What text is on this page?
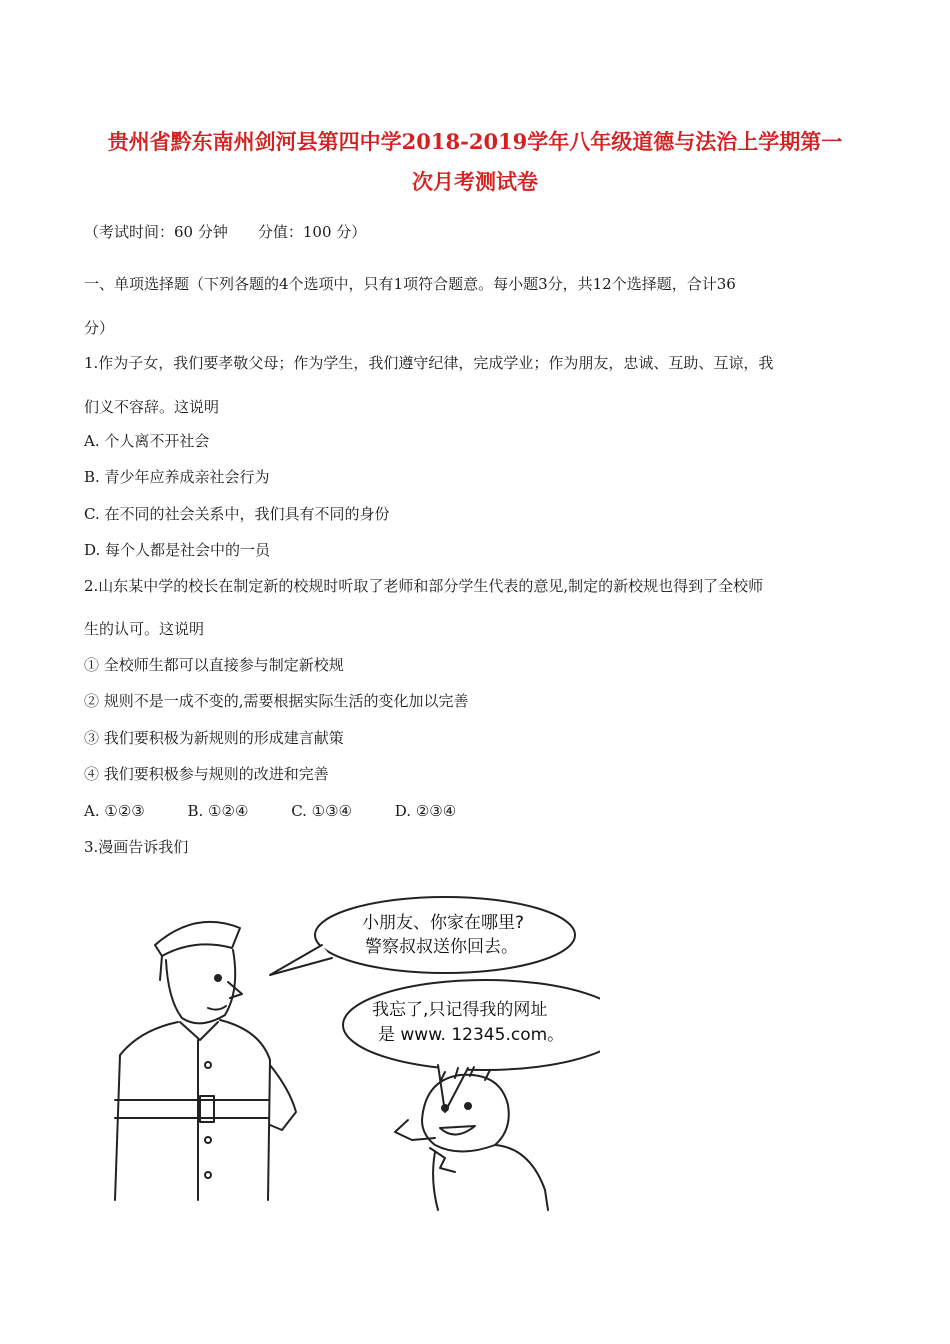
贵州省黔东南州剑河县第四中学2018-2019学年八年级道德与法治上学期第一
次月考测试卷
（考试时间：60 分钟　　分值：100 分）
一、单项选择题（下列各题的4个选项中，只有1项符合题意。每小题3分，共12个选择题，合计36
分）
1.作为子女，我们要孝敬父母；作为学生，我们遵守纪律，完成学业；作为朋友，忠诚、互助、互谅，我
们义不容辞。这说明
A. 个人离不开社会
B. 青少年应养成亲社会行为
C. 在不同的社会关系中，我们具有不同的身份
D. 每个人都是社会中的一员
2.山东某中学的校长在制定新的校规时听取了老师和部分学生代表的意见,制定的新校规也得到了全校师
生的认可。这说明
① 全校师生都可以直接参与制定新校规
② 规则不是一成不变的,需要根据实际生活的变化加以完善
③ 我们要积极为新规则的形成建言献策
④ 我们要积极参与规则的改进和完善
A. ①②③	B. ①②④	C. ①③④	D. ②③④
3.漫画告诉我们
小朋友、你家在哪里?
警察叔叔送你回去。
我忘了,只记得我的网址
是 www. 12345.com。
